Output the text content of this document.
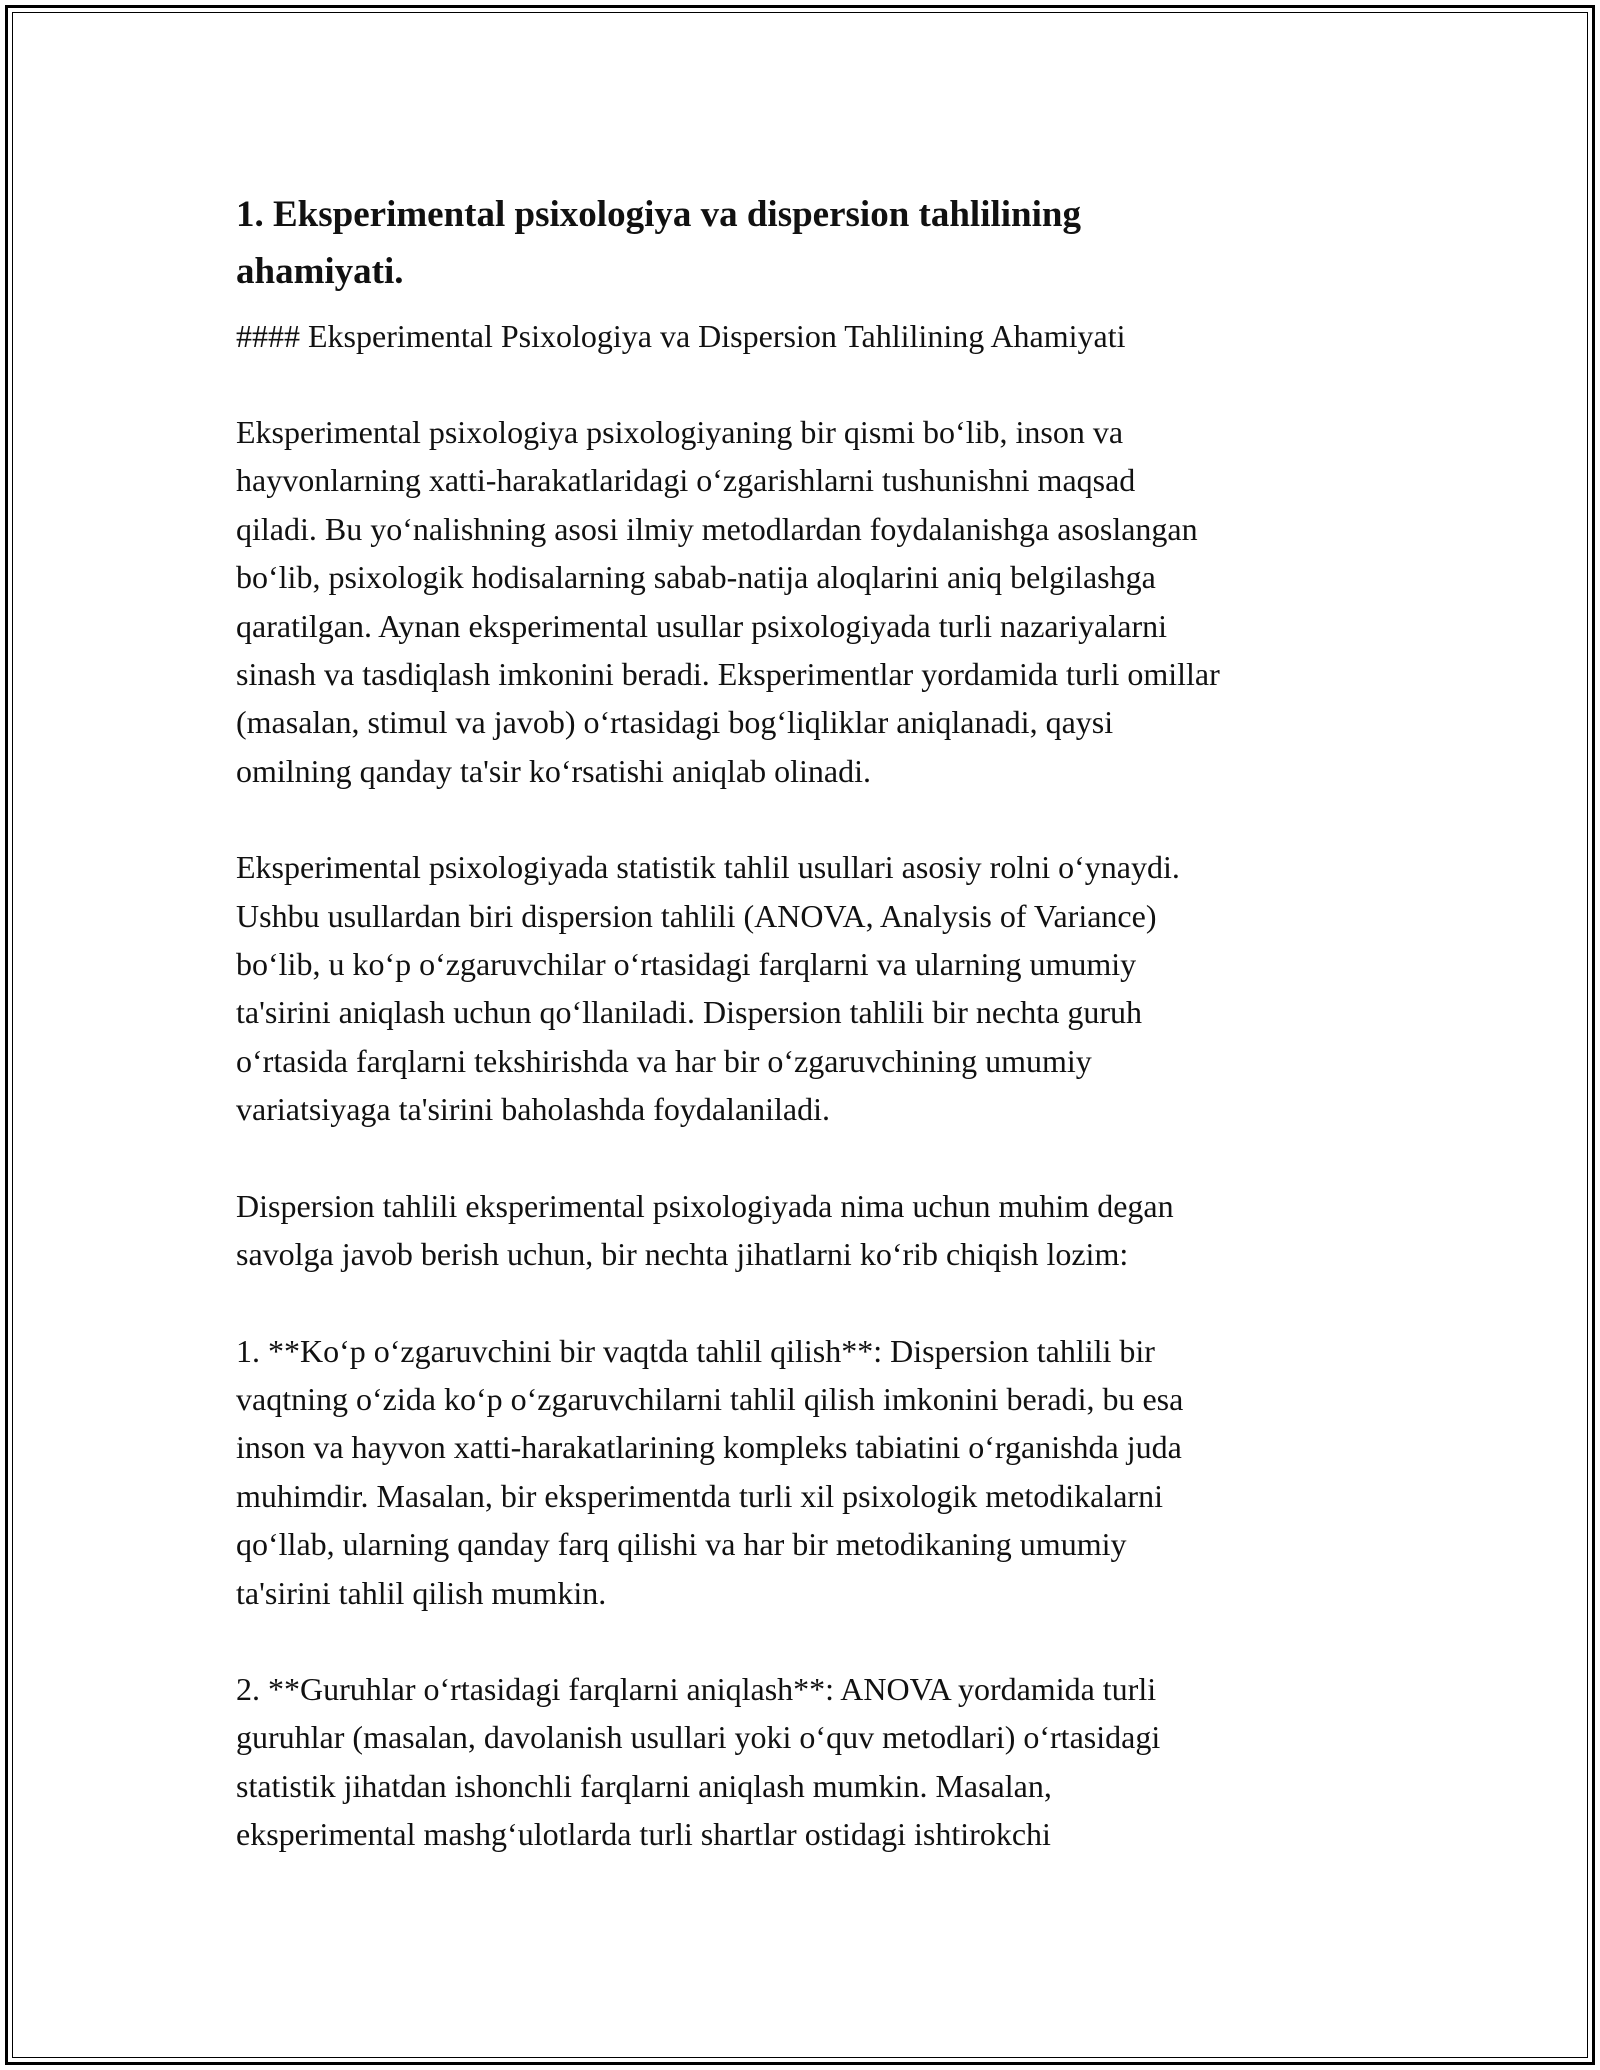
1. Eksperimental psixologiya va dispersion tahlilining
ahamiyati.

#### Eksperimental Psixologiya va Dispersion Tahlilining Ahamiyati

Eksperimental psixologiya psixologiyaning bir qismi bo‘lib, inson va
hayvonlarning xatti-harakatlaridagi o‘zgarishlarni tushunishni maqsad
qiladi. Bu yo‘nalishning asosi ilmiy metodlardan foydalanishga asoslangan
bo‘lib, psixologik hodisalarning sabab-natija aloqlarini aniq belgilashga
qaratilgan. Aynan eksperimental usullar psixologiyada turli nazariyalarni
sinash va tasdiqlash imkonini beradi. Eksperimentlar yordamida turli omillar
(masalan, stimul va javob) o‘rtasidagi bog‘liqliklar aniqlanadi, qaysi
omilning qanday ta'sir ko‘rsatishi aniqlab olinadi.

Eksperimental psixologiyada statistik tahlil usullari asosiy rolni o‘ynaydi.
Ushbu usullardan biri dispersion tahlili (ANOVA, Analysis of Variance)
bo‘lib, u ko‘p o‘zgaruvchilar o‘rtasidagi farqlarni va ularning umumiy
ta'sirini aniqlash uchun qo‘llaniladi. Dispersion tahlili bir nechta guruh
o‘rtasida farqlarni tekshirishda va har bir o‘zgaruvchining umumiy
variatsiyaga ta'sirini baholashda foydalaniladi.

Dispersion tahlili eksperimental psixologiyada nima uchun muhim degan
savolga javob berish uchun, bir nechta jihatlarni ko‘rib chiqish lozim:

1. **Ko‘p o‘zgaruvchini bir vaqtda tahlil qilish**: Dispersion tahlili bir
vaqtning o‘zida ko‘p o‘zgaruvchilarni tahlil qilish imkonini beradi, bu esa
inson va hayvon xatti-harakatlarining kompleks tabiatini o‘rganishda juda
muhimdir. Masalan, bir eksperimentda turli xil psixologik metodikalarni
qo‘llab, ularning qanday farq qilishi va har bir metodikaning umumiy
ta'sirini tahlil qilish mumkin.

2. **Guruhlar o‘rtasidagi farqlarni aniqlash**: ANOVA yordamida turli
guruhlar (masalan, davolanish usullari yoki o‘quv metodlari) o‘rtasidagi
statistik jihatdan ishonchli farqlarni aniqlash mumkin. Masalan,
eksperimental mashg‘ulotlarda turli shartlar ostidagi ishtirokchi
